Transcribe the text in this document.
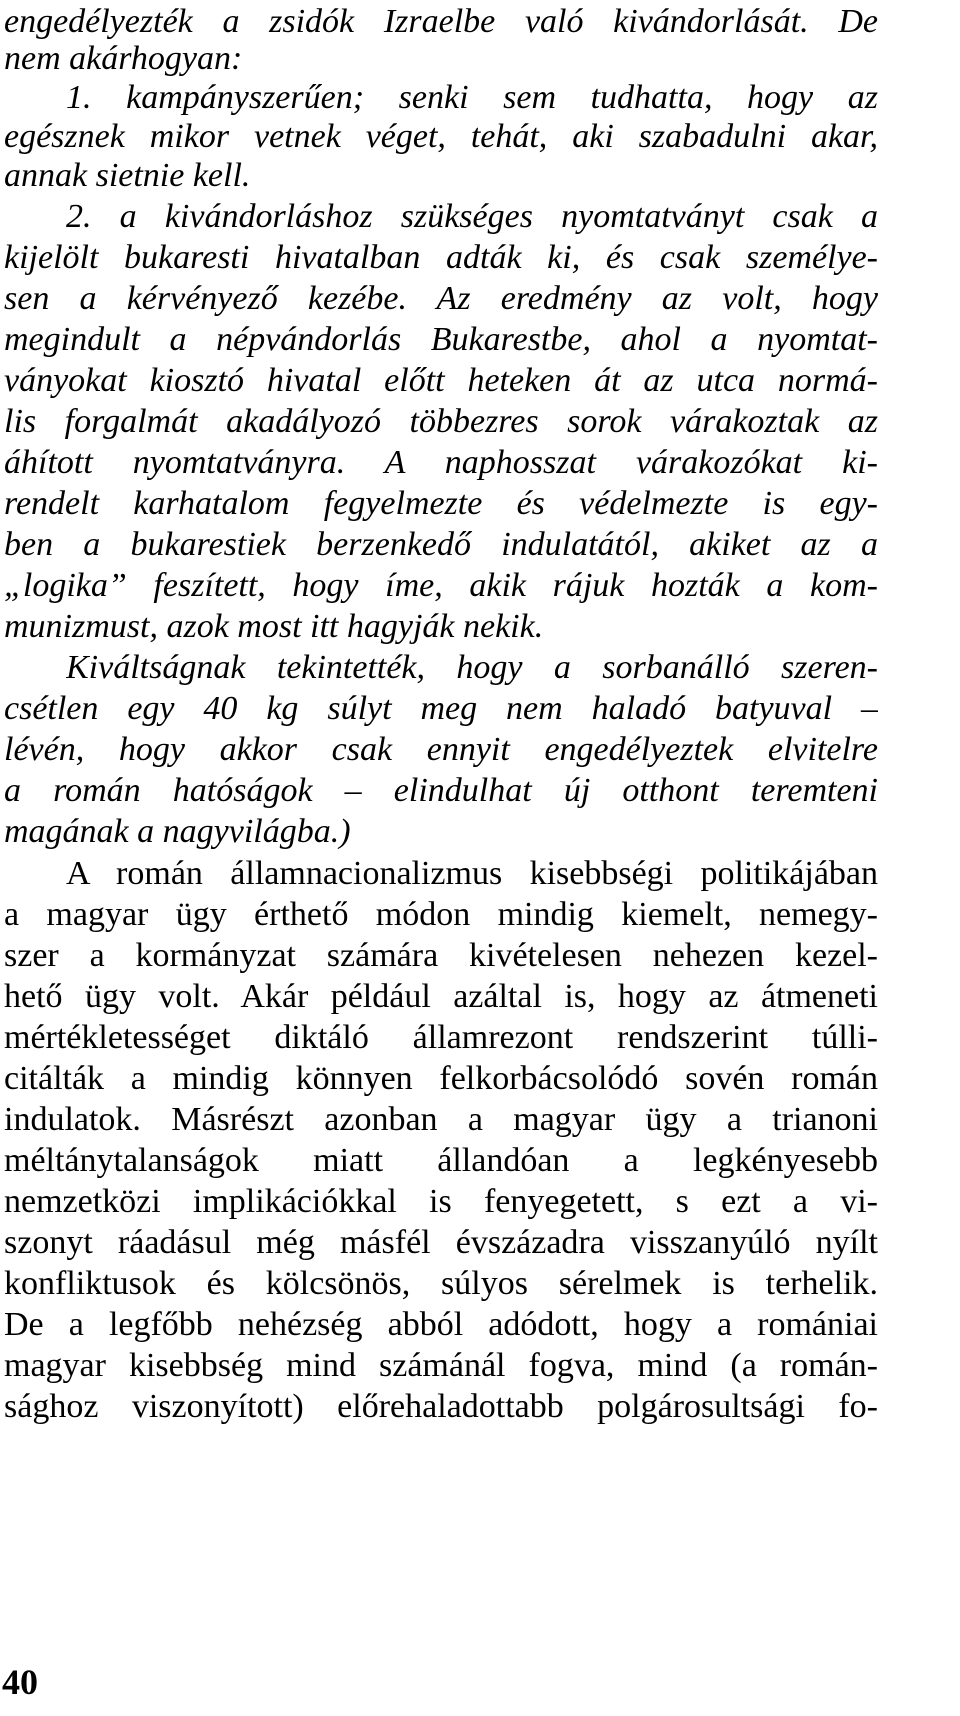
engedélyezték a zsidók Izraelbe való kivándorlását. De
nem akárhogyan:
1. kampányszerűen; senki sem tudhatta, hogy az
egésznek mikor vetnek véget, tehát, aki szabadulni akar,
annak sietnie kell.
2. a kivándorláshoz szükséges nyomtatványt csak a
kijelölt bukaresti hivatalban adták ki, és csak személye-
sen a kérvényező kezébe. Az eredmény az volt, hogy
megindult a népvándorlás Bukarestbe, ahol a nyomtat-
ványokat kiosztó hivatal előtt heteken át az utca normá-
lis forgalmát akadályozó többezres sorok várakoztak az
áhított nyomtatványra. A naphosszat várakozókat ki-
rendelt karhatalom fegyelmezte és védelmezte is egy-
ben a bukarestiek berzenkedő indulatától, akiket az a
„logika” feszített, hogy íme, akik rájuk hozták a kom-
munizmust, azok most itt hagyják nekik.
Kiváltságnak tekintették, hogy a sorbanálló szeren-
csétlen egy 40 kg súlyt meg nem haladó batyuval –
lévén, hogy akkor csak ennyit engedélyeztek elvitelre
a román hatóságok – elindulhat új otthont teremteni
magának a nagyvilágba.)
A román államnacionalizmus kisebbségi politikájában
a magyar ügy érthető módon mindig kiemelt, nemegy-
szer a kormányzat számára kivételesen nehezen kezel-
hető ügy volt. Akár például azáltal is, hogy az átmeneti
mértékletességet diktáló államrezont rendszerint túlli-
citálták a mindig könnyen felkorbácsolódó sovén román
indulatok. Másrészt azonban a magyar ügy a trianoni
méltánytalanságok miatt állandóan a legkényesebb
nemzetközi implikációkkal is fenyegetett, s ezt a vi-
szonyt ráadásul még másfél évszázadra visszanyúló nyílt
konfliktusok és kölcsönös, súlyos sérelmek is terhelik.
De a legfőbb nehézség abból adódott, hogy a romániai
magyar kisebbség mind számánál fogva, mind (a román-
sághoz viszonyított) előrehaladottabb polgárosultsági fo-
40
